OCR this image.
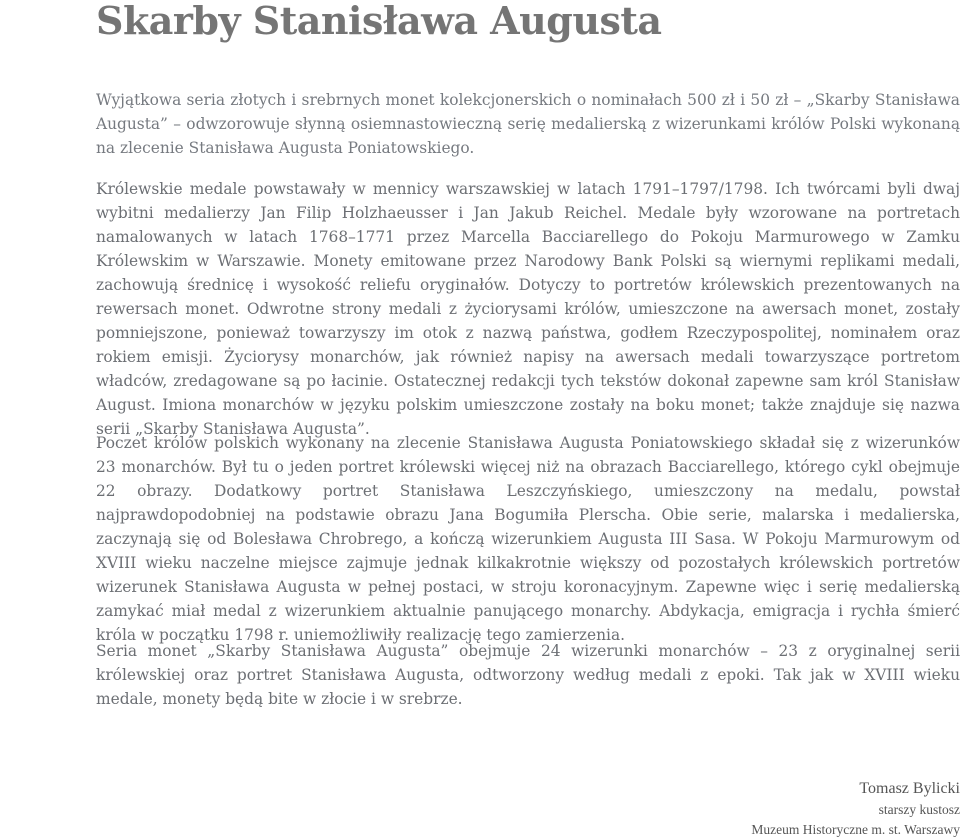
Skarby Stanisława Augusta

Wyjątkowa seria złotych i srebrnych monet kolekcjonerskich o nominałach 500 zł i 50 zł – „Skarby Stanisława Augusta” – odwzorowuje słynną osiemnastowieczną serię medalierską z wizerunkami królów Polski wykonaną na zlecenie Stanisława Augusta Poniatowskiego.

Królewskie medale powstawały w mennicy warszawskiej w latach 1791–1797/1798. Ich twórcami byli dwaj wybitni medalierzy Jan Filip Holzhaeusser i Jan Jakub Reichel. Medale były wzorowane na portretach namalowanych w latach 1768–1771 przez Marcella Bacciarellego do Pokoju Marmurowego w Zamku Królewskim w Warszawie. Monety emitowane przez Narodowy Bank Polski są wiernymi replikami medali, zachowują średnicę i wysokość reliefu oryginałów. Dotyczy to portretów królewskich prezentowanych na rewersach monet. Odwrotne strony medali z życiorysami królów, umieszczone na awersach monet, zostały pomniejszone, ponieważ towarzyszy im otok z nazwą państwa, godłem Rzeczypospolitej, nominałem oraz rokiem emisji. Życiorysy monarchów, jak również napisy na awersach medali towarzyszące portretom władców, zredagowane są po łacinie. Ostatecznej redakcji tych tekstów dokonał zapewne sam król Stanisław August. Imiona monarchów w języku polskim umieszczone zostały na boku monet; także znajduje się nazwa serii „Skarby Stanisława Augusta”.

Poczet królów polskich wykonany na zlecenie Stanisława Augusta Poniatowskiego składał się z wizerunków 23 monarchów. Był tu o jeden portret królewski więcej niż na obrazach Bacciarellego, którego cykl obejmuje 22 obrazy. Dodatkowy portret Stanisława Leszczyńskiego, umieszczony na medalu, powstał najprawdopodobniej na podstawie obrazu Jana Bogumiła Plerscha. Obie serie, malarska i medalierska, zaczynają się od Bolesława Chrobrego, a kończą wizerunkiem Augusta III Sasa. W Pokoju Marmurowym od XVIII wieku naczelne miejsce zajmuje jednak kilkakrotnie większy od pozostałych królewskich portretów wizerunek Stanisława Augusta w pełnej postaci, w stroju koronacyjnym. Zapewne więc i serię medalierską zamykać miał medal z wizerunkiem aktualnie panującego monarchy. Abdykacja, emigracja i rychła śmierć króla w początku 1798 r. uniemożliwiły realizację tego zamierzenia.

Seria monet „Skarby Stanisława Augusta” obejmuje 24 wizerunki monarchów – 23 z oryginalnej serii królewskiej oraz portret Stanisława Augusta, odtworzony według medali z epoki. Tak jak w XVIII wieku medale, monety będą bite w złocie i w srebrze.

Tomasz Bylicki
starszy kustosz
Muzeum Historyczne m. st. Warszawy
